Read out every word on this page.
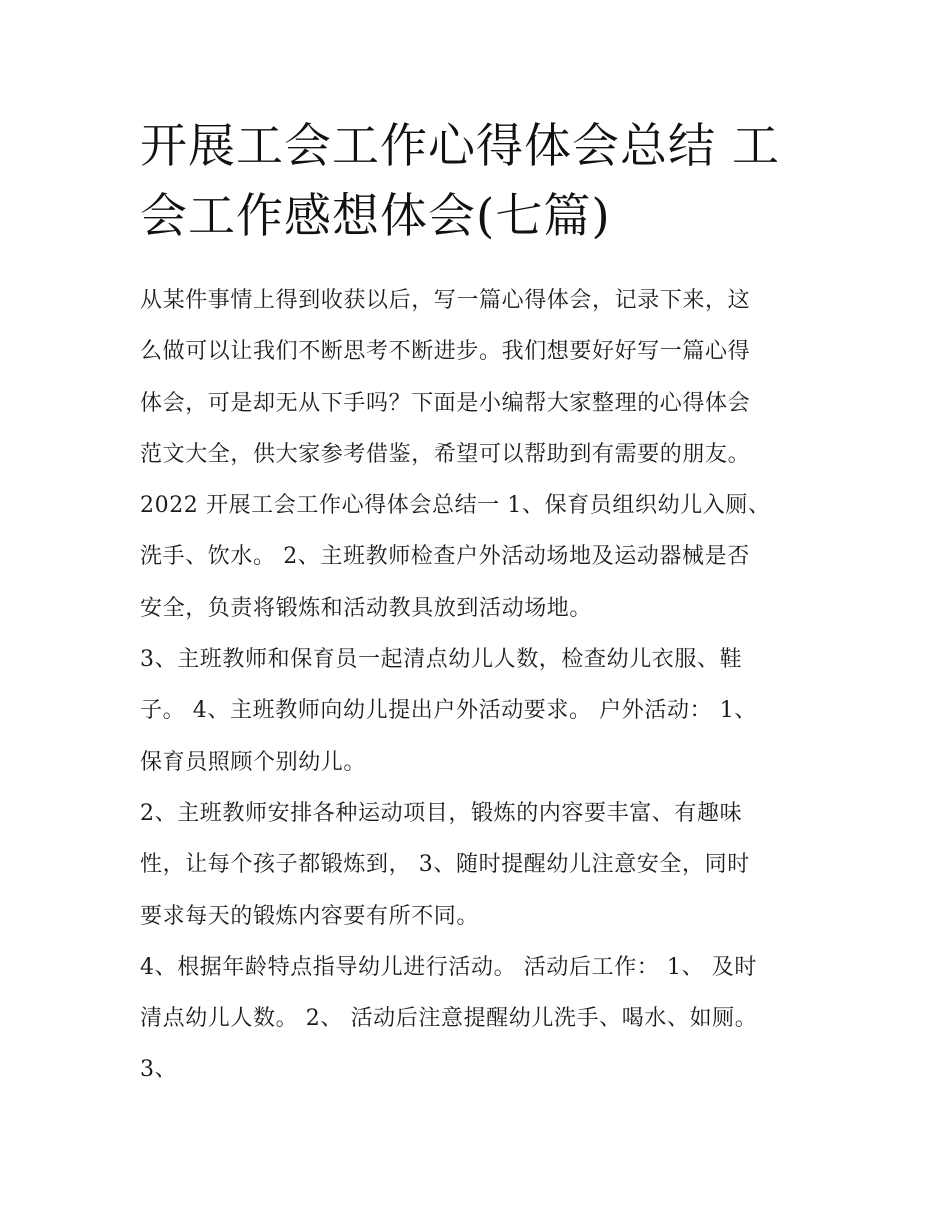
开展工会工作心得体会总结 工
会工作感想体会(七篇)

从某件事情上得到收获以后，写一篇心得体会，记录下来，这
么做可以让我们不断思考不断进步。我们想要好好写一篇心得
体会，可是却无从下手吗？下面是小编帮大家整理的心得体会
范文大全，供大家参考借鉴，希望可以帮助到有需要的朋友。

2022 开展工会工作心得体会总结一 1、保育员组织幼儿入厕、
洗手、饮水。 2、主班教师检查户外活动场地及运动器械是否
安全，负责将锻炼和活动教具放到活动场地。

3、主班教师和保育员一起清点幼儿人数，检查幼儿衣服、鞋
子。 4、主班教师向幼儿提出户外活动要求。 户外活动： 1、
保育员照顾个别幼儿。

2、主班教师安排各种运动项目，锻炼的内容要丰富、有趣味
性，让每个孩子都锻炼到， 3、随时提醒幼儿注意安全，同时
要求每天的锻炼内容要有所不同。

4、根据年龄特点指导幼儿进行活动。 活动后工作： 1、 及时
清点幼儿人数。 2、 活动后注意提醒幼儿洗手、喝水、如厕。
3、
